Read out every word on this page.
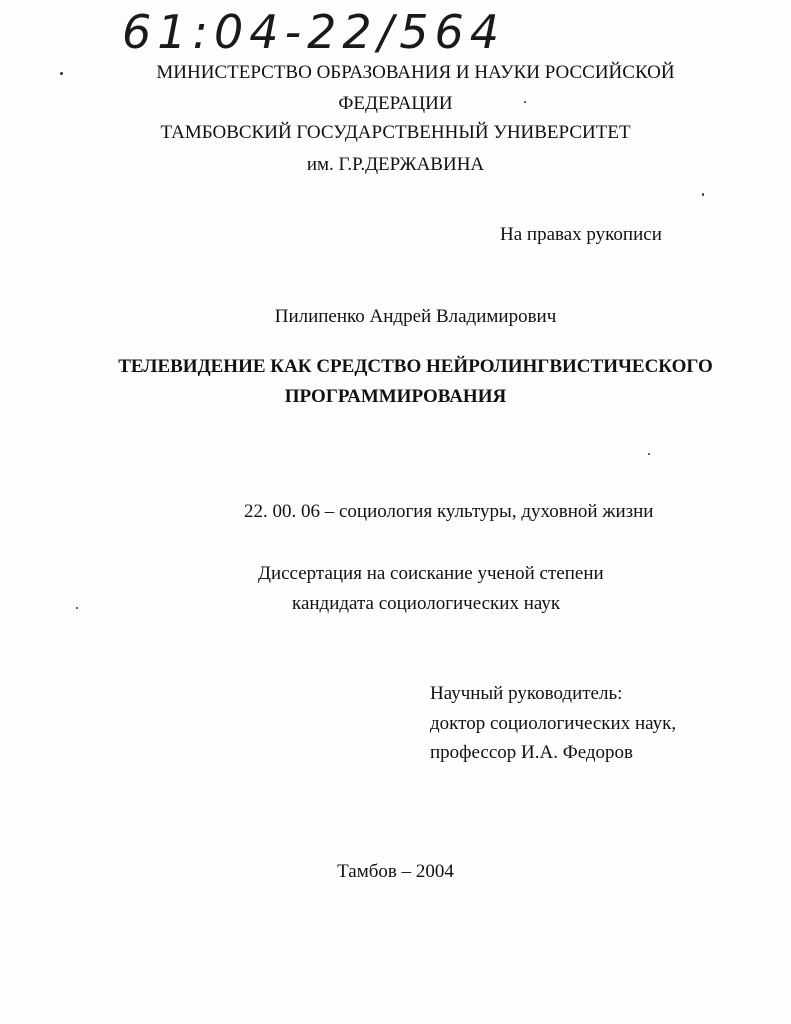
61:04-22/564
МИНИСТЕРСТВО ОБРАЗОВАНИЯ И НАУКИ РОССИЙСКОЙ
ФЕДЕРАЦИИ
ТАМБОВСКИЙ ГОСУДАРСТВЕННЫЙ УНИВЕРСИТЕТ
им. Г.Р.ДЕРЖАВИНА
На правах рукописи
Пилипенко Андрей Владимирович
ТЕЛЕВИДЕНИЕ КАК СРЕДСТВО НЕЙРОЛИНГВИСТИЧЕСКОГО
ПРОГРАММИРОВАНИЯ
22. 00. 06 – социология культуры, духовной жизни
Диссертация на соискание ученой степени
кандидата социологических наук
Научный руководитель:
доктор социологических наук,
профессор И.А. Федоров
Тамбов – 2004
